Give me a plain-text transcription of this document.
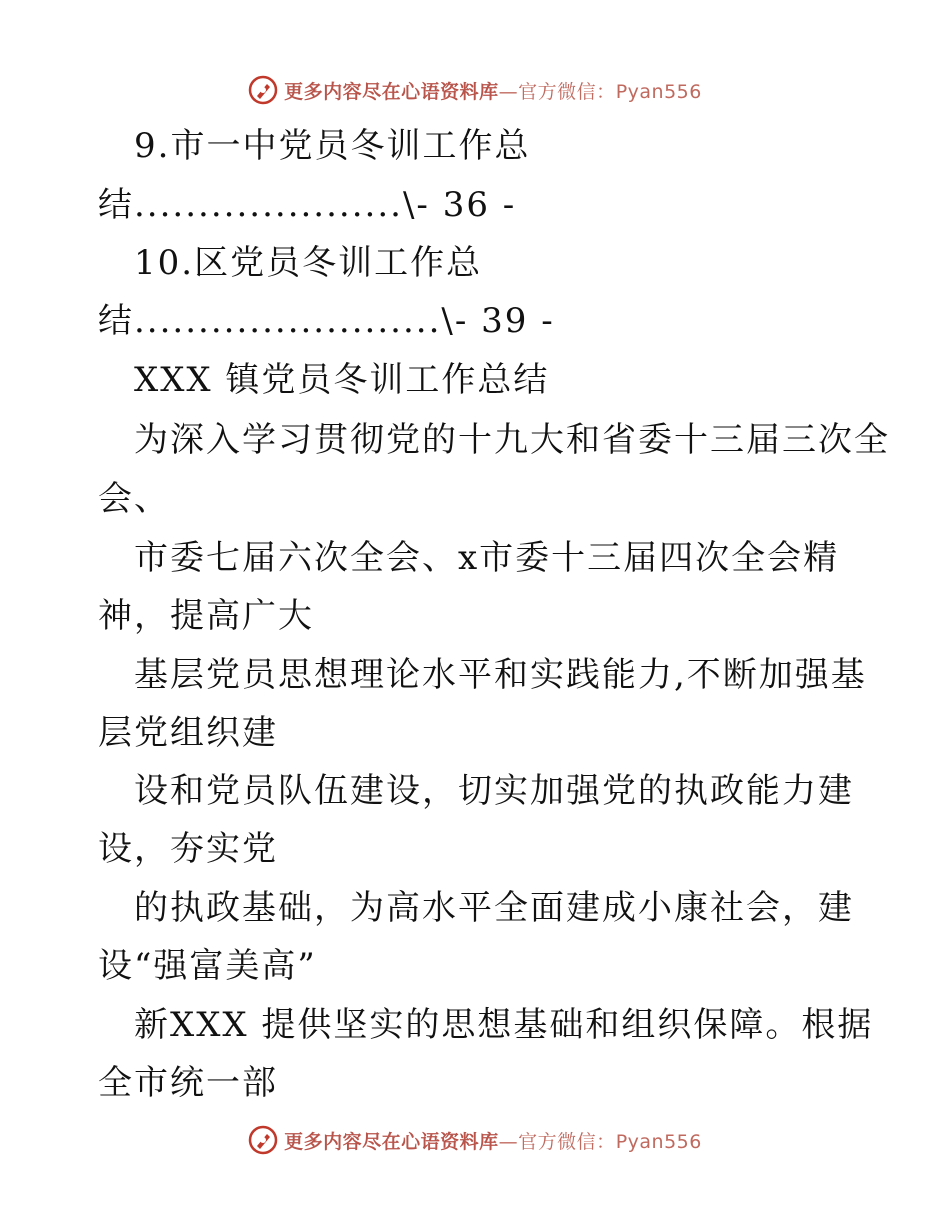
更多内容尽在心语资料库—官方微信：Pyan556
9.市一中党员冬训工作总
结.....................\- 36 -
10.区党员冬训工作总
结........................\- 39 -
XXX 镇党员冬训工作总结
为深入学习贯彻党的十九大和省委十三届三次全
会、
市委七届六次全会、x市委十三届四次全会精
神，提高广大
基层党员思想理论水平和实践能力,不断加强基
层党组织建
设和党员队伍建设，切实加强党的执政能力建
设，夯实党
的执政基础，为高水平全面建成小康社会，建
设“强富美高”
新XXX 提供坚实的思想基础和组织保障。根据
全市统一部
更多内容尽在心语资料库—官方微信：Pyan556
